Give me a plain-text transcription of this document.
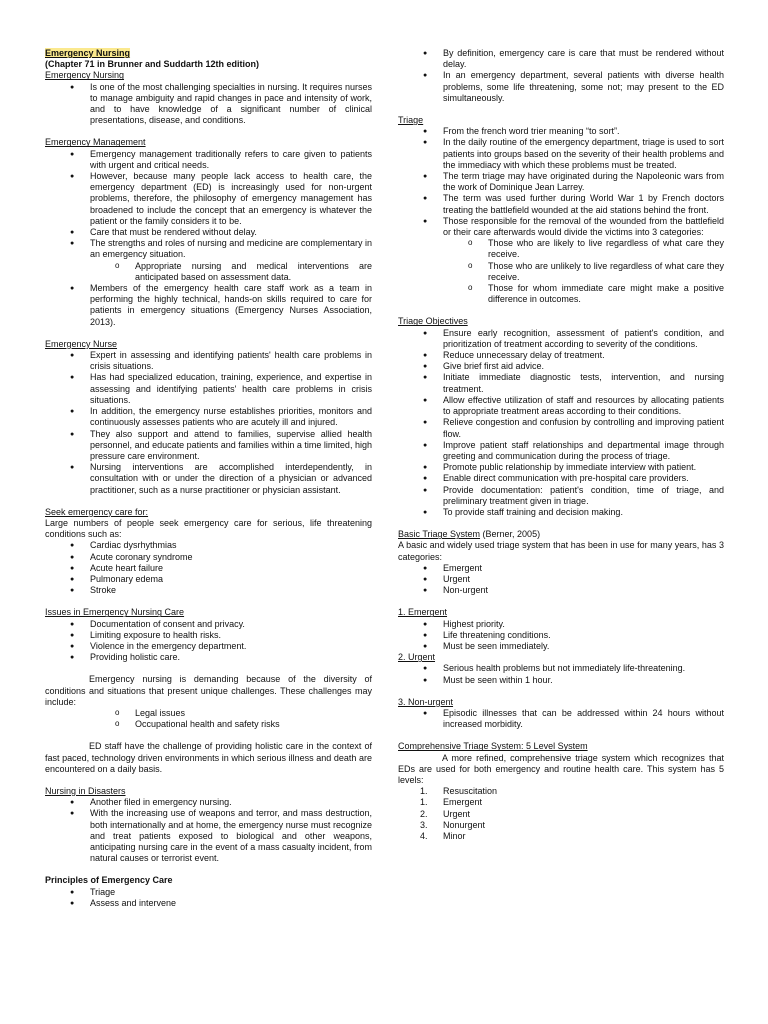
Emergency Nursing

(Chapter 71 in Brunner and Suddarth 12th edition)

Emergency Nursing

● Is one of the most challenging specialties in nursing. It requires nurses to manage ambiguity and rapid changes in pace and intensity of work, and to have knowledge of a significant number of clinical presentations, disease, and conditions.

Emergency Management

● Emergency management traditionally refers to care given to patients with urgent and critical needs.
● However, because many people lack access to health care, the emergency department (ED) is increasingly used for non-urgent problems, therefore, the philosophy of emergency management has broadened to include the concept that an emergency is whatever the patient or the family considers it to be.
● Care that must be rendered without delay.
● The strengths and roles of nursing and medicine are complementary in an emergency situation.
o Appropriate nursing and medical interventions are anticipated based on assessment data.
● Members of the emergency health care staff work as a team in performing the highly technical, hands-on skills required to care for patients in emergency situations (Emergency Nurses Association, 2013).

Emergency Nurse

● Expert in assessing and identifying patients' health care problems in crisis situations.
● Has had specialized education, training, experience, and expertise in assessing and identifying patients' health care problems in crisis situations.
● In addition, the emergency nurse establishes priorities, monitors and continuously assesses patients who are acutely ill and injured.
● They also support and attend to families, supervise allied health personnel, and educate patients and families within a time limited, high pressure care environment.
● Nursing interventions are accomplished interdependently, in consultation with or under the direction of a physician or advanced practitioner, such as a nurse practitioner or physician assistant.

Seek emergency care for:

Large numbers of people seek emergency care for serious, life threatening conditions such as:

● Cardiac dysrhythmias
● Acute coronary syndrome
● Acute heart failure
● Pulmonary edema
● Stroke

Issues in Emergency Nursing Care

● Documentation of consent and privacy.
● Limiting exposure to health risks.
● Violence in the emergency department.
● Providing holistic care.

Emergency nursing is demanding because of the diversity of conditions and situations that present unique challenges. These challenges may include:

o Legal issues
o Occupational health and safety risks

ED staff have the challenge of providing holistic care in the context of fast paced, technology driven environments in which serious illness and death are encountered on a daily basis.

Nursing in Disasters

● Another filed in emergency nursing.
● With the increasing use of weapons and terror, and mass destruction, both internationally and at home, the emergency nurse must recognize and treat patients exposed to biological and other weapons, anticipating nursing care in the event of a mass casualty incident, from natural causes or terrorist event.

Principles of Emergency Care

● Triage
● Assess and intervene
● By definition, emergency care is care that must be rendered without delay.
● In an emergency department, several patients with diverse health problems, some life threatening, some not; may present to the ED simultaneously.

Triage

● From the french word trier meaning “to sort”.
● In the daily routine of the emergency department, triage is used to sort patients into groups based on the severity of their health problems and the immediacy with which these problems must be treated.
● The term triage may have originated during the Napoleonic wars from the work of Dominique Jean Larrey.
● The term was used further during World War 1 by French doctors treating the battlefield wounded at the aid stations behind the front.
● Those responsible for the removal of the wounded from the battlefield or their care afterwards would divide the victims into 3 categories:
o Those who are likely to live regardless of what care they receive.
o Those who are unlikely to live regardless of what care they receive.
o Those for whom immediate care might make a positive difference in outcomes.

Triage Objectives

● Ensure early recognition, assessment of patient's condition, and prioritization of treatment according to severity of the conditions.
● Reduce unnecessary delay of treatment.
● Give brief first aid advice.
● Initiate immediate diagnostic tests, intervention, and nursing treatment.
● Allow effective utilization of staff and resources by allocating patients to appropriate treatment areas according to their conditions.
● Relieve congestion and confusion by controlling and improving patient flow.
● Improve patient staff relationships and departmental image through greeting and communication during the process of triage.
● Promote public relationship by immediate interview with patient.
● Enable direct communication with pre-hospital care providers.
● Provide documentation: patient's condition, time of triage, and preliminary treatment given in triage.
● To provide staff training and decision making.

Basic Triage System (Berner, 2005)

A basic and widely used triage system that has been in use for many years, has 3 categories:

● Emergent
● Urgent
● Non-urgent

1. Emergent

● Highest priority.
● Life threatening conditions.
● Must be seen immediately.

2. Urgent

● Serious health problems but not immediately life-threatening.
● Must be seen within 1 hour.

3. Non-urgent

● Episodic illnesses that can be addressed within 24 hours without increased morbidity.

Comprehensive Triage System: 5 Level System

A more refined, comprehensive triage system which recognizes that EDs are used for both emergency and routine health care. This system has 5 levels:

1. Resuscitation
1. Emergent
2. Urgent
3. Nonurgent
4. Minor
